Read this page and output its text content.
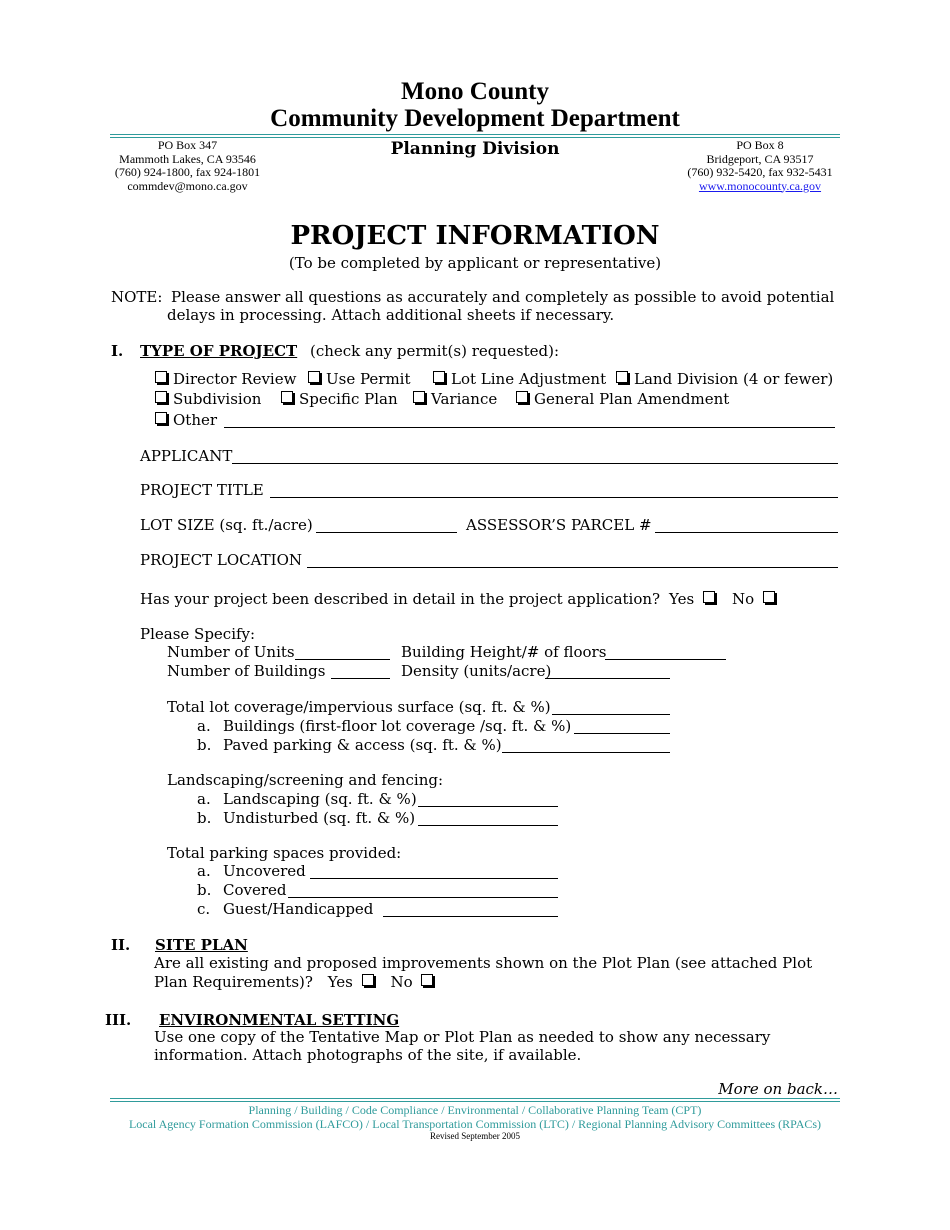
Mono County
Community Development Department
PO Box 347
Mammoth Lakes, CA 93546
(760) 924-1800, fax 924-1801
commdev@mono.ca.gov
Planning Division	PO Box 8
Bridgeport, CA 93517
(760) 932-5420, fax 932-5431
www.monocounty.ca.gov
PROJECT INFORMATION
(To be completed by applicant or representative)
NOTE: Please answer all questions as accurately and completely as possible to avoid potential
delays in processing. Attach additional sheets if necessary.
I. TYPE OF PROJECT (check any permit(s) requested):
Director Review	Use Permit	Lot Line Adjustment	Land Division (4 or fewer)
Subdivision	Specific Plan	Variance	General Plan Amendment
Other
APPLICANT
PROJECT TITLE
LOT SIZE (sq. ft./acre)	ASSESSOR’S PARCEL #
PROJECT LOCATION
Has your project been described in detail in the project application? Yes	No
Please Specify:
Number of Units	Building Height/# of floors
Number of Buildings	Density (units/acre)
Total lot coverage/impervious surface (sq. ft. & %)
a. Buildings (first-floor lot coverage /sq. ft. & %)
b. Paved parking & access (sq. ft. & %)
Landscaping/screening and fencing:
a. Landscaping (sq. ft. & %)
b. Undisturbed (sq. ft. & %)
Total parking spaces provided:
a. Uncovered
b. Covered
c. Guest/Handicapped
II. SITE PLAN
Are all existing and proposed improvements shown on the Plot Plan (see attached Plot
Plan Requirements)? Yes	No
III. ENVIRONMENTAL SETTING
Use one copy of the Tentative Map or Plot Plan as needed to show any necessary
information. Attach photographs of the site, if available.
More on back…
Planning / Building / Code Compliance / Environmental / Collaborative Planning Team (CPT)
Local Agency Formation Commission (LAFCO) / Local Transportation Commission (LTC) / Regional Planning Advisory Committees (RPACs)
Revised September 2005
